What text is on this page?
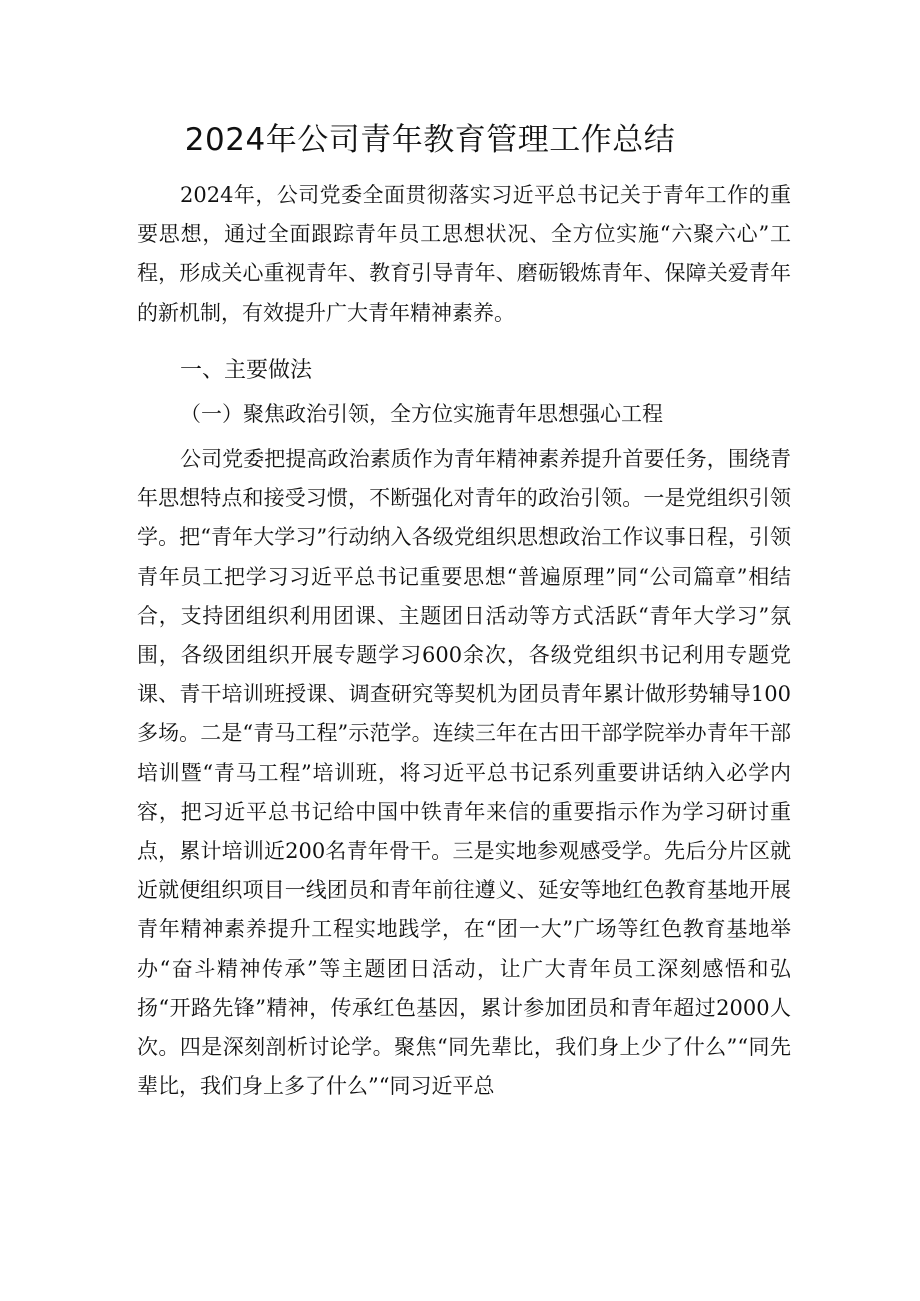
2024年公司青年教育管理工作总结

2024年，公司党委全面贯彻落实习近平总书记关于青年工作的重要思想，通过全面跟踪青年员工思想状况、全方位实施“六聚六心”工程，形成关心重视青年、教育引导青年、磨砺锻炼青年、保障关爱青年的新机制，有效提升广大青年精神素养。

一、主要做法
（一）聚焦政治引领，全方位实施青年思想强心工程

公司党委把提高政治素质作为青年精神素养提升首要任务，围绕青年思想特点和接受习惯，不断强化对青年的政治引领。一是党组织引领学。把“青年大学习”行动纳入各级党组织思想政治工作议事日程，引领青年员工把学习习近平总书记重要思想“普遍原理”同“公司篇章”相结合，支持团组织利用团课、主题团日活动等方式活跃“青年大学习”氛围，各级团组织开展专题学习600余次，各级党组织书记利用专题党课、青干培训班授课、调查研究等契机为团员青年累计做形势辅导100多场。二是“青马工程”示范学。连续三年在古田干部学院举办青年干部培训暨“青马工程”培训班，将习近平总书记系列重要讲话纳入必学内容，把习近平总书记给中国中铁青年来信的重要指示作为学习研讨重点，累计培训近200名青年骨干。三是实地参观感受学。先后分片区就近就便组织项目一线团员和青年前往遵义、延安等地红色教育基地开展青年精神素养提升工程实地践学，在“团一大”广场等红色教育基地举办“奋斗精神传承”等主题团日活动，让广大青年员工深刻感悟和弘扬“开路先锋”精神，传承红色基因，累计参加团员和青年超过2000人次。四是深刻剖析讨论学。聚焦“同先辈比，我们身上少了什么”“同先辈比，我们身上多了什么”“同习近平总
